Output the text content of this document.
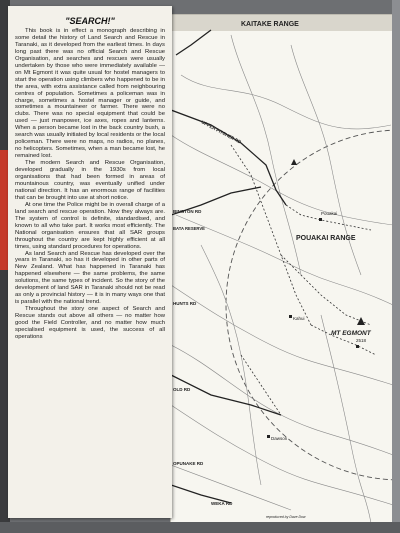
KAITAKE RANGE
Pouakai
POUAKAI RANGE
MT EGMONT
2518
Kahui
Dawson
UPPER PITCHER RD
BINGTON RD
BATA RESERVE
OLD RD
OPUNAKE RD
WEKA RD
HUNTS RD
reproduced by Dave Dow
"SEARCH!"

This book is in effect a monograph describing in some detail the history of Land Search and Rescue in Taranaki, as it developed from the earliest times. In days long past there was no official Search and Rescue Organisation, and searches and rescues were usually undertaken by those who were immediately available — on Mt Egmont it was quite usual for hostel managers to start the operation using climbers who happened to be in the area, with extra assistance called from neighbouring centres of population. Sometimes a policeman was in charge, sometimes a hostel manager or guide, and sometimes a mountaineer or farmer. There were no clubs. There was no special equipment that could be used — just manpower, ice axes, ropes and lanterns. When a person became lost in the back country bush, a search was usually initiated by local residents or the local policeman. There were no maps, no radios, no planes, no helicopters. Sometimes, when a man became lost, he remained lost.

The modern Search and Rescue Organisation, developed gradually in the 1930s from local organisations that had been formed in areas of mountainous country, was eventually unified under national direction. It has an enormous range of facilities that can be brought into use at short notice.

At one time the Police might be in overall charge of a land search and rescue operation. Now they always are. The system of control is definite, standardised, and known to all who take part. It works most efficiently. The National organisation ensures that all SAR groups throughout the country are kept highly efficient at all times, using standard procedures for operations.

As land Search and Rescue has developed over the years in Taranaki, so has it developed in other parts of New Zealand. What has happened in Taranaki has happened elsewhere — the same problems, the same solutions, the same types of incident. So the story of the development of land SAR in Taranaki should not be read as only a provincial history — it is in many ways one that is parallel with the national trend.

Throughout the story one aspect of Search and Rescue stands out above all others — no matter how good the Field Controller, and no matter how much specialised equipment is used, the success of all operations
